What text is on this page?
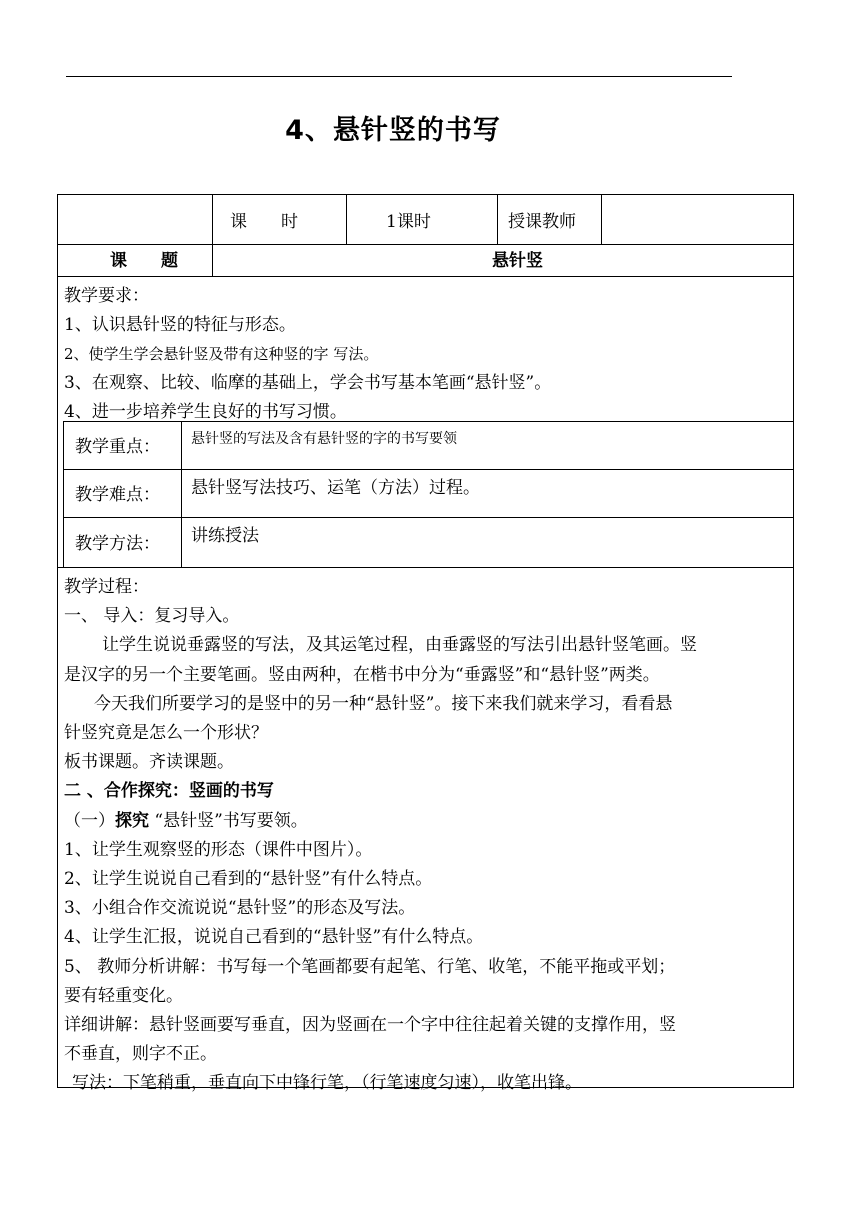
4、悬针竖的书写
课　　时	1课时	授课教师
课　　题	悬针竖
教学要求：
1、认识悬针竖的特征与形态。
2、使学生学会悬针竖及带有这种竖的字 写法。
3、在观察、比较、临摩的基础上，学会书写基本笔画“悬针竖”。
4、进一步培养学生良好的书写习惯。
教学重点： 悬针竖的写法及含有悬针竖的字的书写要领
教学难点： 悬针竖写法技巧、运笔（方法）过程。
教学方法： 讲练授法
教学过程：
一、 导入：复习导入。
让学生说说垂露竖的写法，及其运笔过程，由垂露竖的写法引出悬针竖笔画。竖
是汉字的另一个主要笔画。竖由两种，在楷书中分为“垂露竖”和“悬针竖”两类。
今天我们所要学习的是竖中的另一种“悬针竖”。接下来我们就来学习，看看悬
针竖究竟是怎么一个形状？
板书课题。齐读课题。
二 、合作探究：竖画的书写
（一）探究 “悬针竖”书写要领。
1、让学生观察竖的形态（课件中图片）。
2、让学生说说自己看到的“悬针竖”有什么特点。
3、小组合作交流说说“悬针竖”的形态及写法。
4、让学生汇报，说说自己看到的“悬针竖”有什么特点。
5、 教师分析讲解：书写每一个笔画都要有起笔、行笔、收笔，不能平拖或平划；
要有轻重变化。
详细讲解：悬针竖画要写垂直，因为竖画在一个字中往往起着关键的支撑作用，竖
不垂直，则字不正。
写法：下笔稍重，垂直向下中锋行笔，（行笔速度匀速），收笔出锋。
